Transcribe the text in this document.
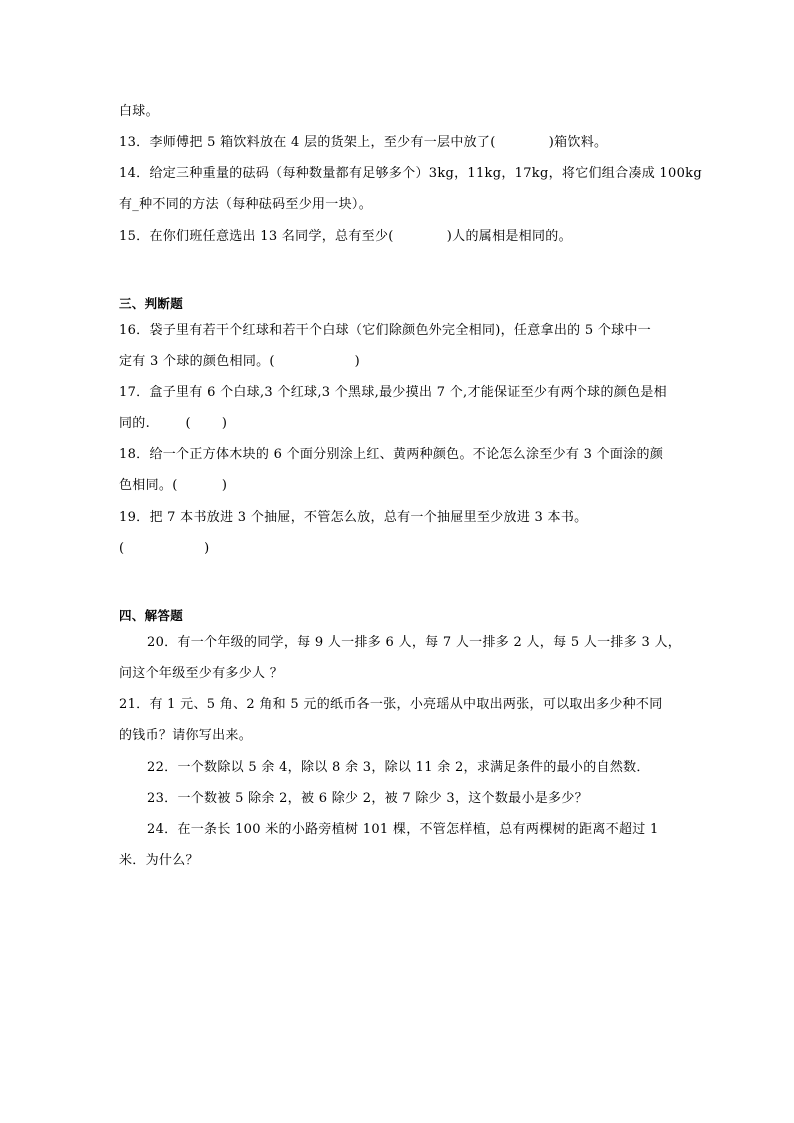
白球。
13．李师傅把 5 箱饮料放在 4 层的货架上，至少有一层中放了(            )箱饮料。
14．给定三种重量的砝码（每种数量都有足够多个）3kg，11kg，17kg，将它们组合凑成 100kg
有_种不同的方法（每种砝码至少用一块）。
15．在你们班任意选出 13 名同学，总有至少(            )人的属相是相同的。
三、判断题
16．袋子里有若干个红球和若干个白球（它们除颜色外完全相同)，任意拿出的 5 个球中一
定有 3 个球的颜色相同。(                  )
17．盒子里有 6 个白球,3 个红球,3 个黑球,最少摸出 7 个,才能保证至少有两个球的颜色是相
同的.        (       )
18．给一个正方体木块的 6 个面分别涂上红、黄两种颜色。不论怎么涂至少有 3 个面涂的颜
色相同。(          )
19．把 7 本书放进 3 个抽屉，不管怎么放，总有一个抽屉里至少放进 3 本书。
(                  )
四、解答题
20．有一个年级的同学，每 9 人一排多 6 人，每 7 人一排多 2 人，每 5 人一排多 3 人，
问这个年级至少有多少人 ？
21．有 1 元、5 角、2 角和 5 元的纸币各一张，小亮瑶从中取出两张，可以取出多少种不同
的钱币？请你写出来。
22．一个数除以 5 余 4，除以 8 余 3，除以 11 余 2，求满足条件的最小的自然数．
23．一个数被 5 除余 2，被 6 除少 2，被 7 除少 3，这个数最小是多少？
24．在一条长 100 米的小路旁植树 101 棵，不管怎样植，总有两棵树的距离不超过 1
米．为什么？
